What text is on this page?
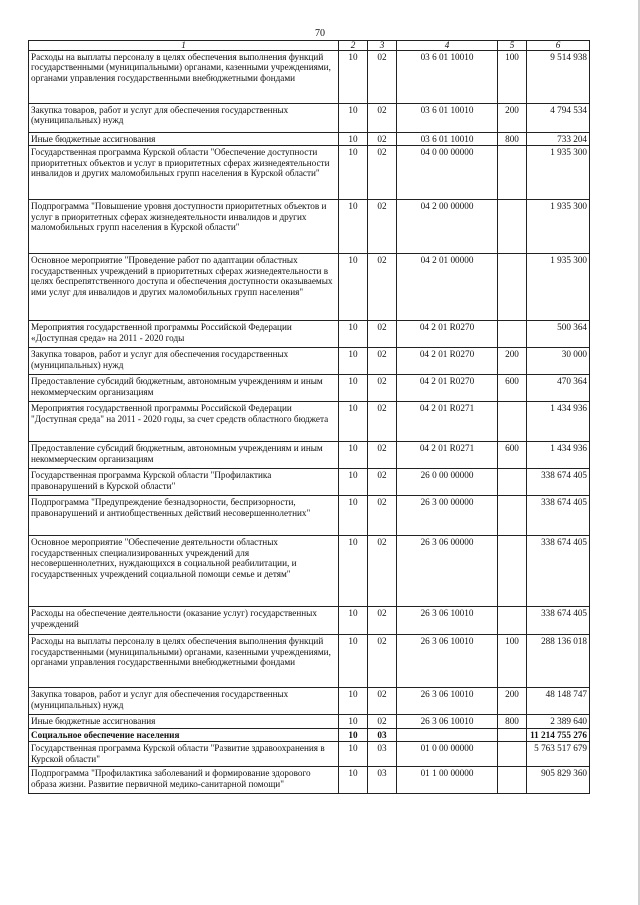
70
1	2	3	4	5	6
Расходы на выплаты персоналу в целях обеспечения выполнения функций государственными (муниципальными) органами, казенными учреждениями, органами управления государственными внебюджетными фондами	10	02	03 6 01 10010	100	9 514 938
Закупка товаров, работ и услуг для обеспечения государственных (муниципальных) нужд	10	02	03 6 01 10010	200	4 794 534
Иные бюджетные ассигнования	10	02	03 6 01 10010	800	733 204
Государственная программа Курской области "Обеспечение доступности приоритетных объектов и услуг в приоритетных сферах жизнедеятельности инвалидов и других маломобильных групп населения в Курской области"	10	02	04 0 00 00000		1 935 300
Подпрограмма "Повышение уровня доступности приоритетных объектов и услуг в приоритетных сферах жизнедеятельности инвалидов и других маломобильных групп населения в Курской области"	10	02	04 2 00 00000		1 935 300
Основное мероприятие "Проведение работ по адаптации областных государственных учреждений в приоритетных сферах жизнедеятельности в целях беспрепятственного доступа и обеспечения доступности оказываемых ими услуг для инвалидов и других маломобильных групп населения"	10	02	04 2 01 00000		1 935 300
Мероприятия государственной программы Российской Федерации «Доступная среда» на 2011 - 2020 годы	10	02	04 2 01 R0270		500 364
Закупка товаров, работ и услуг для обеспечения государственных (муниципальных) нужд	10	02	04 2 01 R0270	200	30 000
Предоставление субсидий бюджетным, автономным учреждениям и иным некоммерческим организациям	10	02	04 2 01 R0270	600	470 364
Мероприятия государственной программы Российской Федерации "Доступная среда" на 2011 - 2020 годы, за счет средств областного бюджета	10	02	04 2 01 R0271		1 434 936
Предоставление субсидий бюджетным, автономным учреждениям и иным некоммерческим организациям	10	02	04 2 01 R0271	600	1 434 936
Государственная программа Курской области "Профилактика правонарушений в Курской области"	10	02	26 0 00 00000		338 674 405
Подпрограмма "Предупреждение безнадзорности, беспризорности, правонарушений и антиобщественных действий несовершеннолетних"	10	02	26 3 00 00000		338 674 405
Основное мероприятие "Обеспечение деятельности областных государственных специализированных учреждений для несовершеннолетних, нуждающихся в социальной реабилитации, и государственных учреждений социальной помощи семье и детям"	10	02	26 3 06 00000		338 674 405
Расходы на обеспечение деятельности (оказание услуг) государственных учреждений	10	02	26 3 06 10010		338 674 405
Расходы на выплаты персоналу в целях обеспечения выполнения функций государственными (муниципальными) органами, казенными учреждениями, органами управления государственными внебюджетными фондами	10	02	26 3 06 10010	100	288 136 018
Закупка товаров, работ и услуг для обеспечения государственных (муниципальных) нужд	10	02	26 3 06 10010	200	48 148 747
Иные бюджетные ассигнования	10	02	26 3 06 10010	800	2 389 640
Социальное обеспечение населения	10	03			11 214 755 276
Государственная программа Курской области "Развитие здравоохранения в Курской области"	10	03	01 0 00 00000		5 763 517 679
Подпрограмма "Профилактика заболеваний и формирование здорового образа жизни. Развитие первичной медико-санитарной помощи"	10	03	01 1 00 00000		905 829 360
